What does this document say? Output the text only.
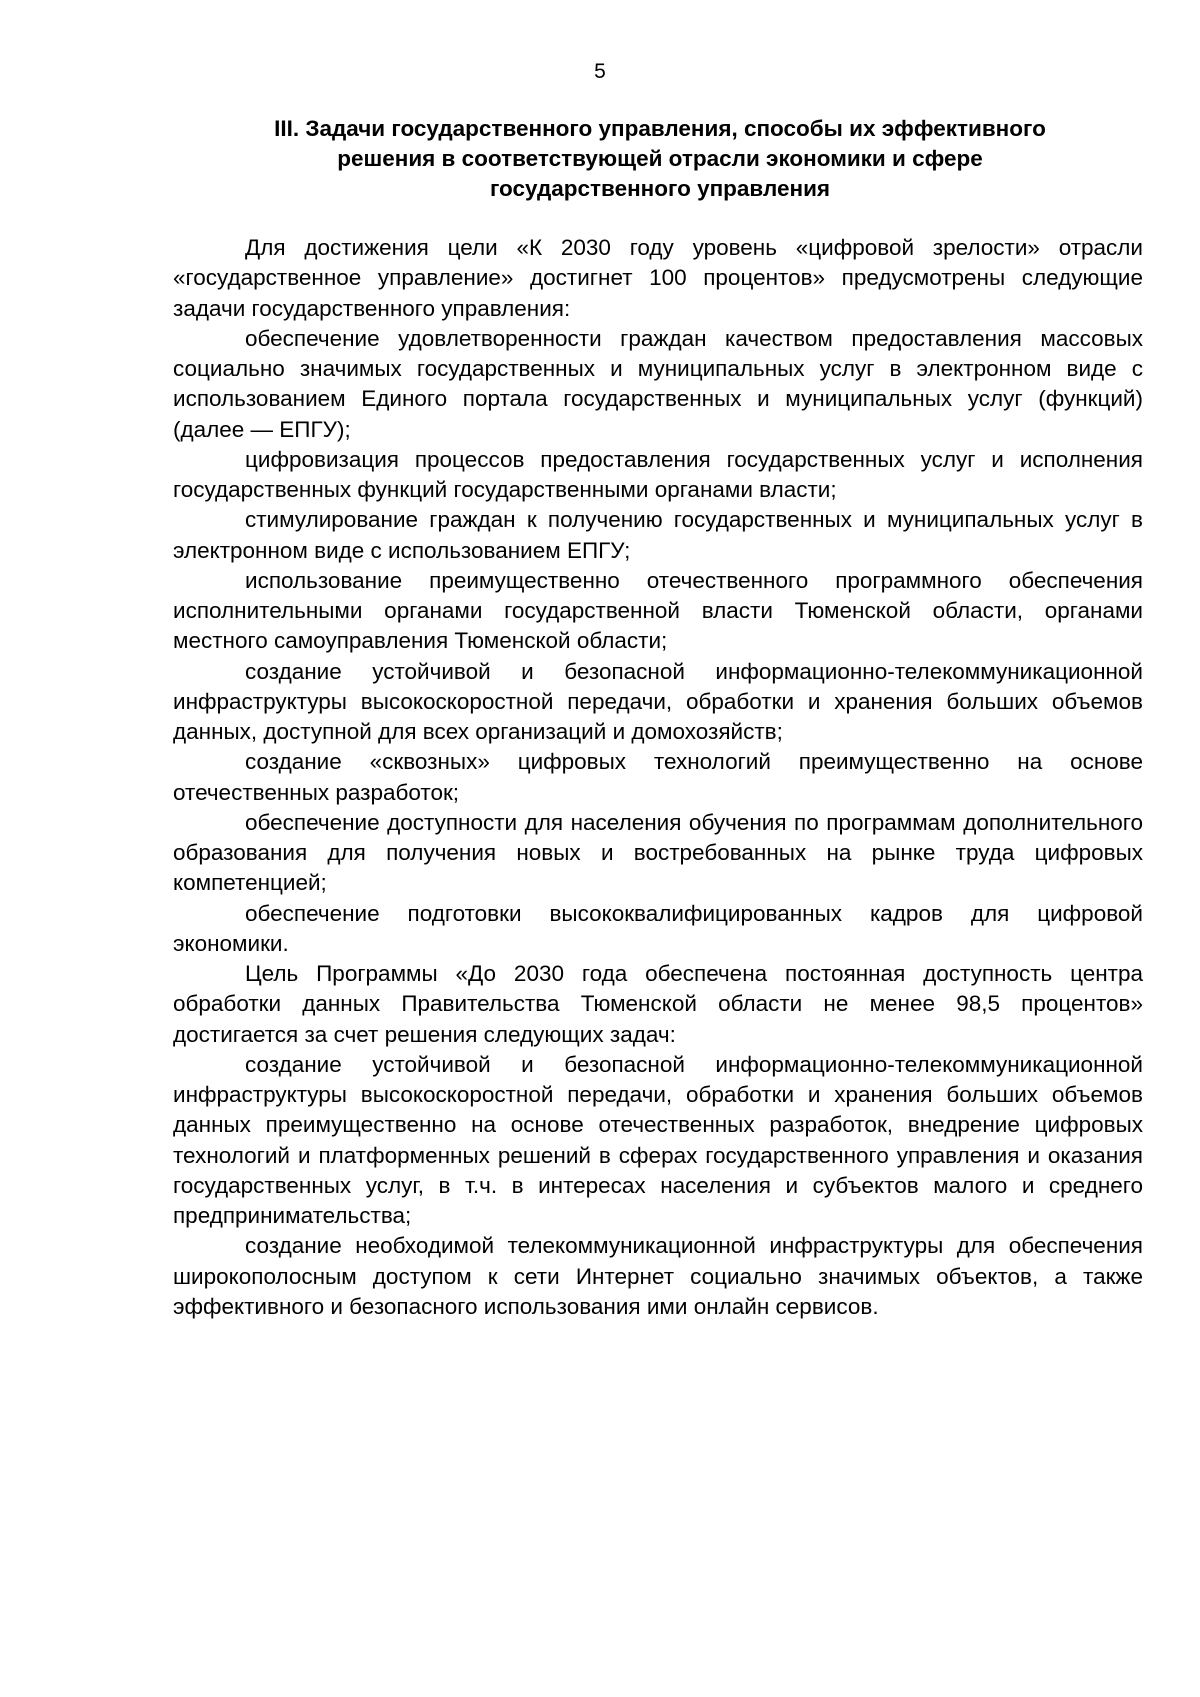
5
III. Задачи государственного управления, способы их эффективного
решения в соответствующей отрасли экономики и сфере
государственного управления

Для достижения цели «К 2030 году уровень «цифровой зрелости» отрасли «государственное управление» достигнет 100 процентов» предусмотрены следующие задачи государственного управления:

обеспечение удовлетворенности граждан качеством предоставления массовых социально значимых государственных и муниципальных услуг в электронном виде с использованием Единого портала государственных и муниципальных услуг (функций) (далее — ЕПГУ);

цифровизация процессов предоставления государственных услуг и исполнения государственных функций государственными органами власти;

стимулирование граждан к получению государственных и муниципальных услуг в электронном виде с использованием ЕПГУ;

использование преимущественно отечественного программного обеспечения исполнительными органами государственной власти Тюменской области, органами местного самоуправления Тюменской области;

создание устойчивой и безопасной информационно-телекоммуникационной инфраструктуры высокоскоростной передачи, обработки и хранения больших объемов данных, доступной для всех организаций и домохозяйств;

создание «сквозных» цифровых технологий преимущественно на основе отечественных разработок;

обеспечение доступности для населения обучения по программам дополнительного образования для получения новых и востребованных на рынке труда цифровых компетенцией;

обеспечение подготовки высококвалифицированных кадров для цифровой экономики.

Цель Программы «До 2030 года обеспечена постоянная доступность центра обработки данных Правительства Тюменской области не менее 98,5 процентов» достигается за счет решения следующих задач:

создание устойчивой и безопасной информационно-телекоммуникационной инфраструктуры высокоскоростной передачи, обработки и хранения больших объемов данных преимущественно на основе отечественных разработок, внедрение цифровых технологий и платформенных решений в сферах государственного управления и оказания государственных услуг, в т.ч. в интересах населения и субъектов малого и среднего предпринимательства;

создание необходимой телекоммуникационной инфраструктуры для обеспечения широкополосным доступом к сети Интернет социально значимых объектов, а также эффективного и безопасного использования ими онлайн сервисов.
